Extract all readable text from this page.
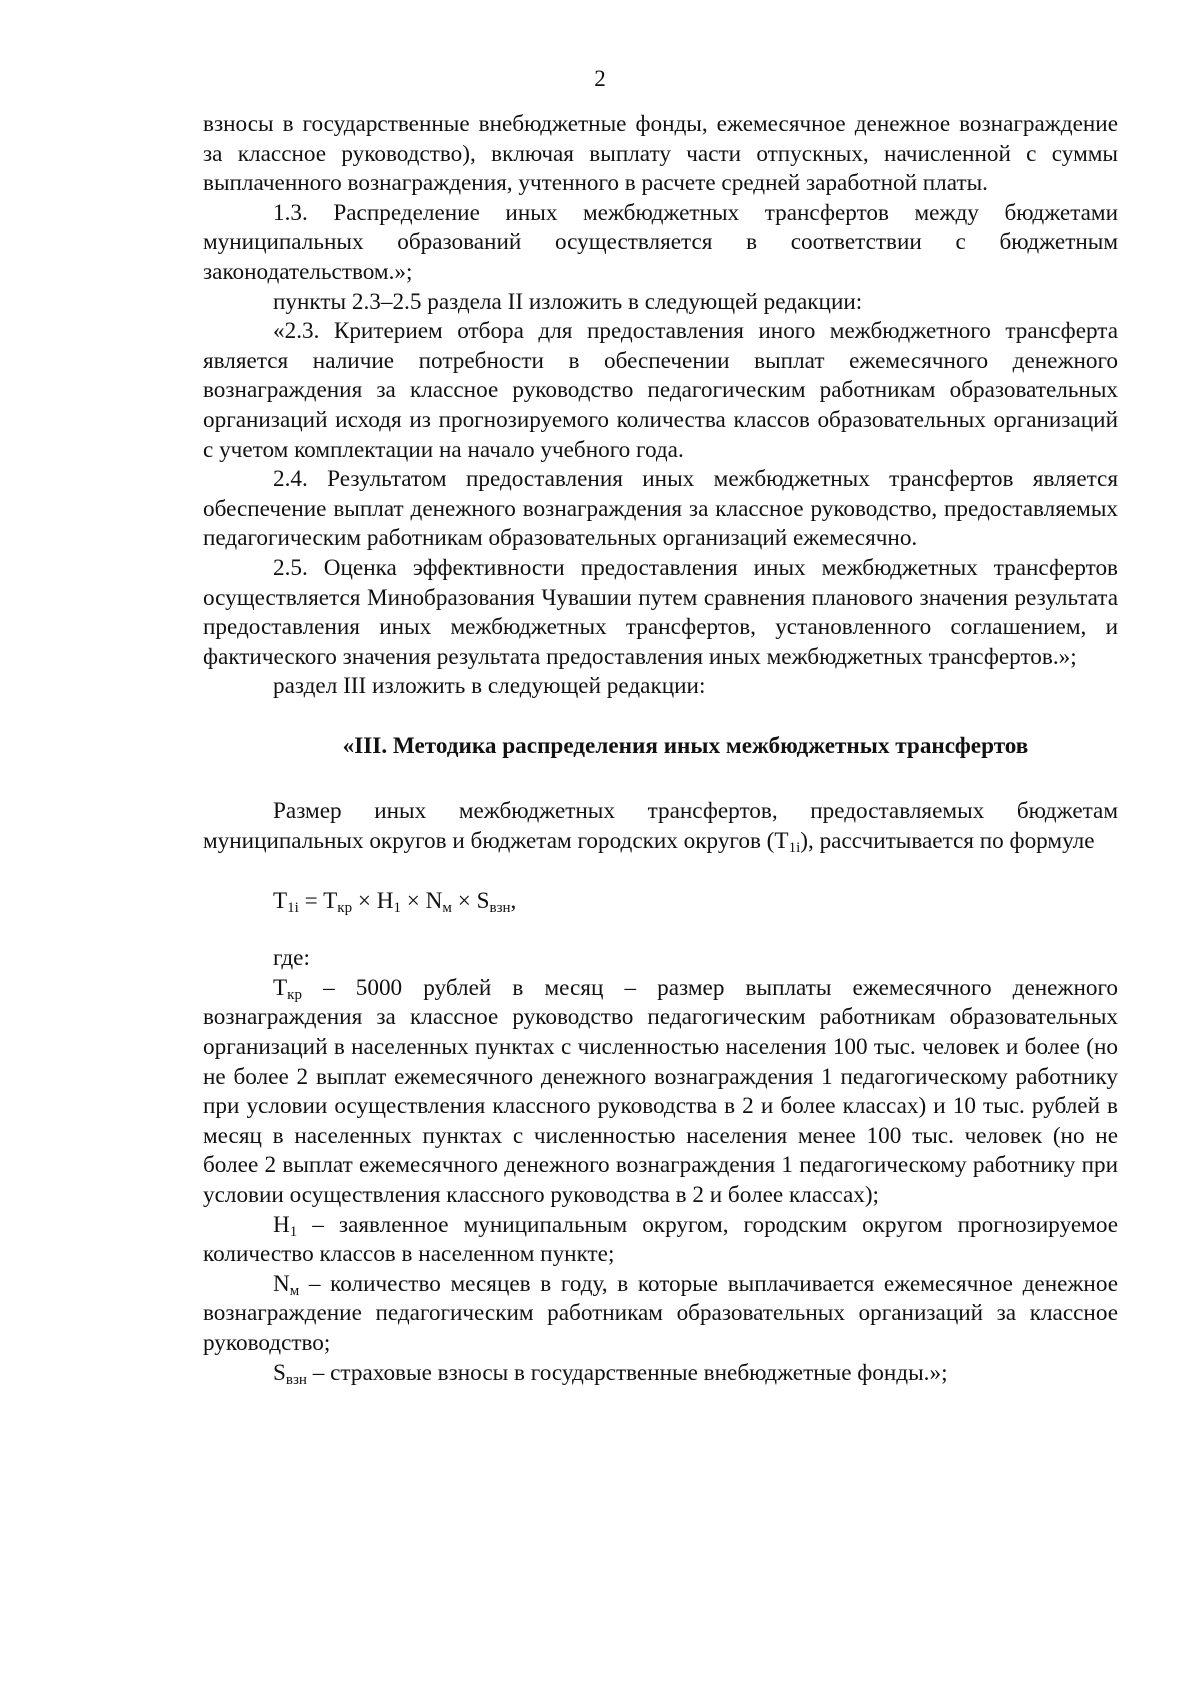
2

взносы в государственные внебюджетные фонды, ежемесячное денежное вознаграждение за классное руководство), включая выплату части отпускных, начисленной с суммы выплаченного вознаграждения, учтенного в расчете средней заработной платы.

1.3. Распределение иных межбюджетных трансфертов между бюджетами муниципальных образований осуществляется в соответствии с бюджетным законодательством.»;

пункты 2.3–2.5 раздела II изложить в следующей редакции:

«2.3. Критерием отбора для предоставления иного межбюджетного трансферта является наличие потребности в обеспечении выплат ежемесячного денежного вознаграждения за классное руководство педагогическим работникам образовательных организаций исходя из прогнозируемого количества классов образовательных организаций с учетом комплектации на начало учебного года.

2.4. Результатом предоставления иных межбюджетных трансфертов является обеспечение выплат денежного вознаграждения за классное руководство, предоставляемых педагогическим работникам образовательных организаций ежемесячно.

2.5. Оценка эффективности предоставления иных межбюджетных трансфертов осуществляется Минобразования Чувашии путем сравнения планового значения результата предоставления иных межбюджетных трансфертов, установленного соглашением, и фактического значения результата предоставления иных межбюджетных трансфертов.»;

раздел III изложить в следующей редакции:

«III. Методика распределения иных межбюджетных трансфертов

Размер иных межбюджетных трансфертов, предоставляемых бюджетам муниципальных округов и бюджетам городских округов $(T_{1i})$, рассчитывается по формуле

$T_{1i} = T_{кр} \times H_1 \times N_м \times S_{взн}$,

где:

$T_{кр} - 5000$ рублей в месяц – размер выплаты ежемесячного денежного вознаграждения за классное руководство педагогическим работникам образовательных организаций в населенных пунктах с численностью населения 100 тыс. человек и более (но не более 2 выплат ежемесячного денежного вознаграждения 1 педагогическому работнику при условии осуществления классного руководства в 2 и более классах) и 10 тыс. рублей в месяц в населенных пунктах с численностью населения менее 100 тыс. человек (но не более 2 выплат ежемесячного денежного вознаграждения 1 педагогическому работнику при условии осуществления классного руководства в 2 и более классах);

$H_1$ – заявленное муниципальным округом, городским округом прогнозируемое количество классов в населенном пункте;

$N_м$ – количество месяцев в году, в которые выплачивается ежемесячное денежное вознаграждение педагогическим работникам образовательных организаций за классное руководство;

$S_{взн}$ – страховые взносы в государственные внебюджетные фонды.»;
